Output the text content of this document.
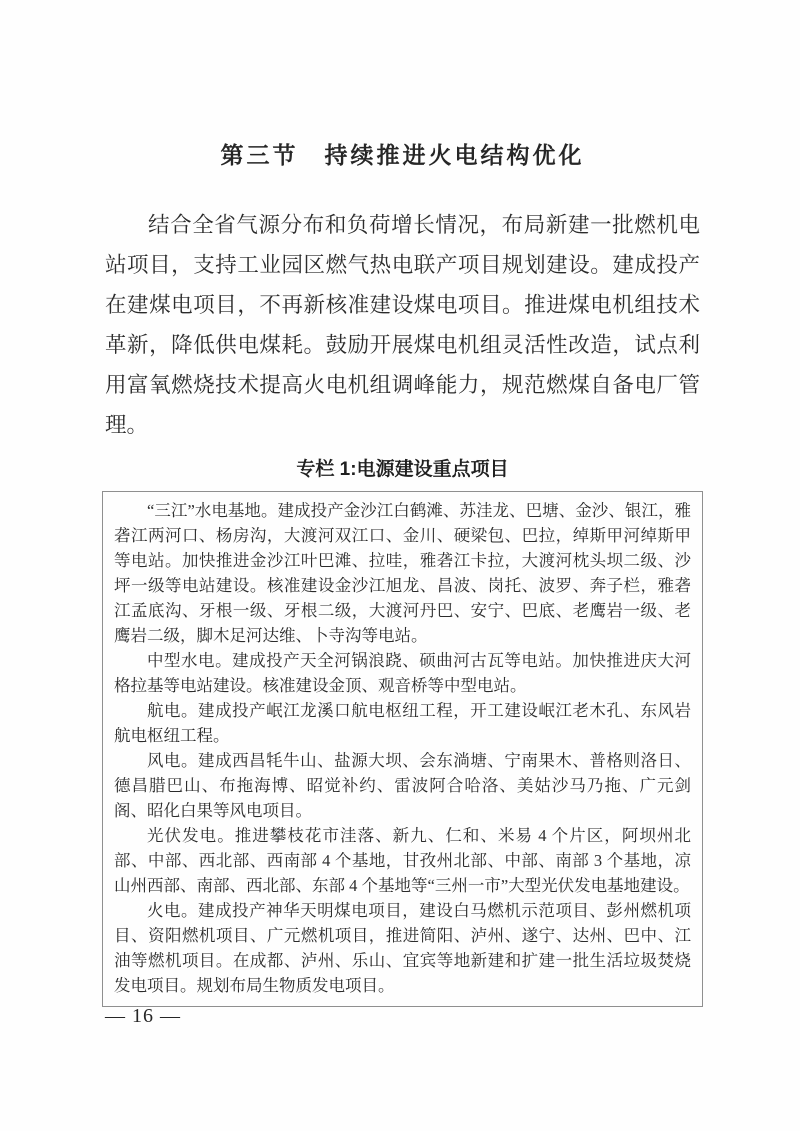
第三节　持续推进火电结构优化

结合全省气源分布和负荷增长情况，布局新建一批燃机电站项目，支持工业园区燃气热电联产项目规划建设。建成投产在建煤电项目，不再新核准建设煤电项目。推进煤电机组技术革新，降低供电煤耗。鼓励开展煤电机组灵活性改造，试点利用富氧燃烧技术提高火电机组调峰能力，规范燃煤自备电厂管理。

专栏 1:电源建设重点项目

“三江”水电基地。建成投产金沙江白鹤滩、苏洼龙、巴塘、金沙、银江，雅砻江两河口、杨房沟，大渡河双江口、金川、硬梁包、巴拉，绰斯甲河绰斯甲等电站。加快推进金沙江叶巴滩、拉哇，雅砻江卡拉，大渡河枕头坝二级、沙坪一级等电站建设。核准建设金沙江旭龙、昌波、岗托、波罗、奔子栏，雅砻江孟底沟、牙根一级、牙根二级，大渡河丹巴、安宁、巴底、老鹰岩一级、老鹰岩二级，脚木足河达维、卜寺沟等电站。

中型水电。建成投产天全河锅浪跷、硕曲河古瓦等电站。加快推进庆大河格拉基等电站建设。核准建设金顶、观音桥等中型电站。

航电。建成投产岷江龙溪口航电枢纽工程，开工建设岷江老木孔、东风岩航电枢纽工程。

风电。建成西昌牦牛山、盐源大坝、会东淌塘、宁南果木、普格则洛日、德昌腊巴山、布拖海博、昭觉补约、雷波阿合哈洛、美姑沙马乃拖、广元剑阁、昭化白果等风电项目。

光伏发电。推进攀枝花市洼落、新九、仁和、米易 4 个片区，阿坝州北部、中部、西北部、西南部 4 个基地，甘孜州北部、中部、南部 3 个基地，凉山州西部、南部、西北部、东部 4 个基地等“三州一市”大型光伏发电基地建设。

火电。建成投产神华天明煤电项目，建设白马燃机示范项目、彭州燃机项目、资阳燃机项目、广元燃机项目，推进简阳、泸州、遂宁、达州、巴中、江油等燃机项目。在成都、泸州、乐山、宜宾等地新建和扩建一批生活垃圾焚烧发电项目。规划布局生物质发电项目。

— 16 —
